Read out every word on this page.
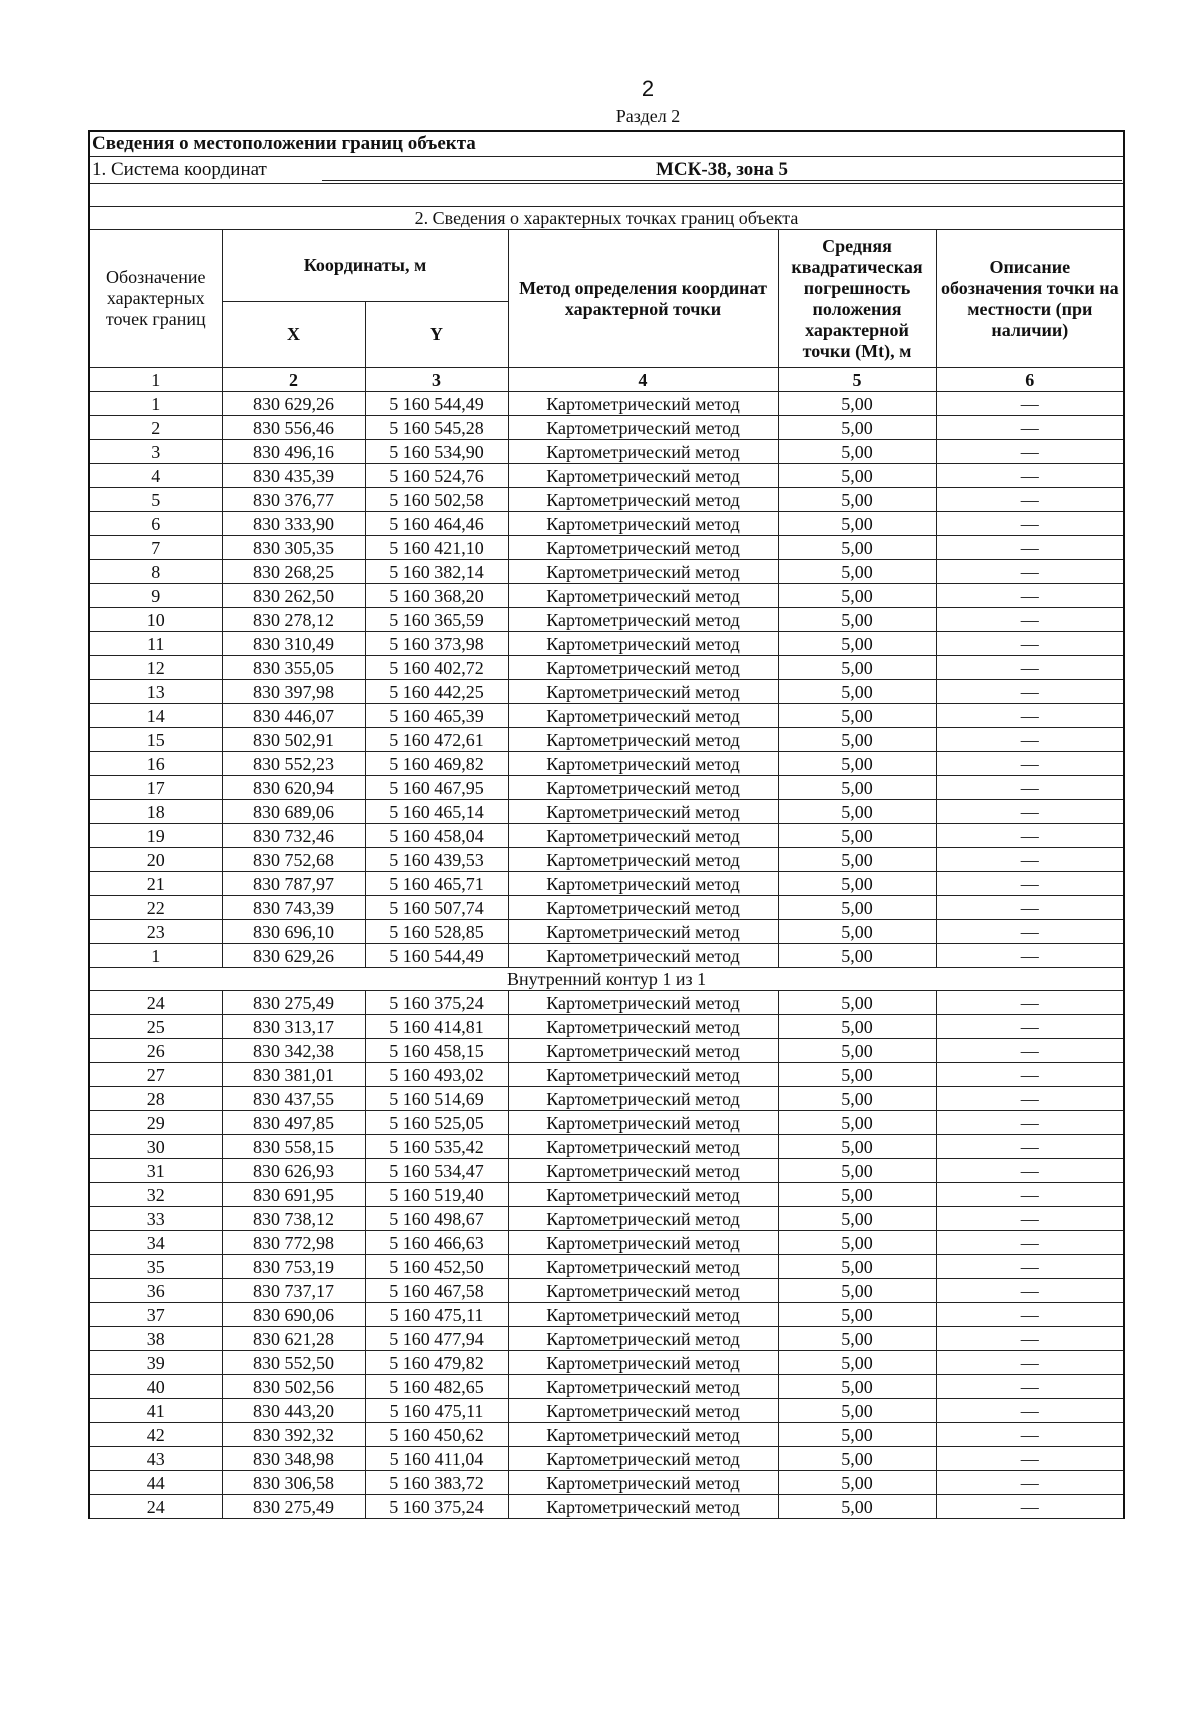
2
Раздел 2
Сведения о местоположении границ объекта					
1. Система координат МСК-38, зона 5					

2. Сведения о характерных точках границ объекта					
Обозначение характерных точек границ	Координаты, м		Метод определения координат характерной точки	Средняя квадратическая погрешность положения характерной точки (Mt), м	Описание обозначения точки на местности (при наличии)
	X	Y			
1	2	3	4	5	6
1	830 629,26	5 160 544,49	Картометрический метод	5,00	—
2	830 556,46	5 160 545,28	Картометрический метод	5,00	—
3	830 496,16	5 160 534,90	Картометрический метод	5,00	—
4	830 435,39	5 160 524,76	Картометрический метод	5,00	—
5	830 376,77	5 160 502,58	Картометрический метод	5,00	—
6	830 333,90	5 160 464,46	Картометрический метод	5,00	—
7	830 305,35	5 160 421,10	Картометрический метод	5,00	—
8	830 268,25	5 160 382,14	Картометрический метод	5,00	—
9	830 262,50	5 160 368,20	Картометрический метод	5,00	—
10	830 278,12	5 160 365,59	Картометрический метод	5,00	—
11	830 310,49	5 160 373,98	Картометрический метод	5,00	—
12	830 355,05	5 160 402,72	Картометрический метод	5,00	—
13	830 397,98	5 160 442,25	Картометрический метод	5,00	—
14	830 446,07	5 160 465,39	Картометрический метод	5,00	—
15	830 502,91	5 160 472,61	Картометрический метод	5,00	—
16	830 552,23	5 160 469,82	Картометрический метод	5,00	—
17	830 620,94	5 160 467,95	Картометрический метод	5,00	—
18	830 689,06	5 160 465,14	Картометрический метод	5,00	—
19	830 732,46	5 160 458,04	Картометрический метод	5,00	—
20	830 752,68	5 160 439,53	Картометрический метод	5,00	—
21	830 787,97	5 160 465,71	Картометрический метод	5,00	—
22	830 743,39	5 160 507,74	Картометрический метод	5,00	—
23	830 696,10	5 160 528,85	Картометрический метод	5,00	—
1	830 629,26	5 160 544,49	Картометрический метод	5,00	—
Внутренний контур 1 из 1					
24	830 275,49	5 160 375,24	Картометрический метод	5,00	—
25	830 313,17	5 160 414,81	Картометрический метод	5,00	—
26	830 342,38	5 160 458,15	Картометрический метод	5,00	—
27	830 381,01	5 160 493,02	Картометрический метод	5,00	—
28	830 437,55	5 160 514,69	Картометрический метод	5,00	—
29	830 497,85	5 160 525,05	Картометрический метод	5,00	—
30	830 558,15	5 160 535,42	Картометрический метод	5,00	—
31	830 626,93	5 160 534,47	Картометрический метод	5,00	—
32	830 691,95	5 160 519,40	Картометрический метод	5,00	—
33	830 738,12	5 160 498,67	Картометрический метод	5,00	—
34	830 772,98	5 160 466,63	Картометрический метод	5,00	—
35	830 753,19	5 160 452,50	Картометрический метод	5,00	—
36	830 737,17	5 160 467,58	Картометрический метод	5,00	—
37	830 690,06	5 160 475,11	Картометрический метод	5,00	—
38	830 621,28	5 160 477,94	Картометрический метод	5,00	—
39	830 552,50	5 160 479,82	Картометрический метод	5,00	—
40	830 502,56	5 160 482,65	Картометрический метод	5,00	—
41	830 443,20	5 160 475,11	Картометрический метод	5,00	—
42	830 392,32	5 160 450,62	Картометрический метод	5,00	—
43	830 348,98	5 160 411,04	Картометрический метод	5,00	—
44	830 306,58	5 160 383,72	Картометрический метод	5,00	—
24	830 275,49	5 160 375,24	Картометрический метод	5,00	—
